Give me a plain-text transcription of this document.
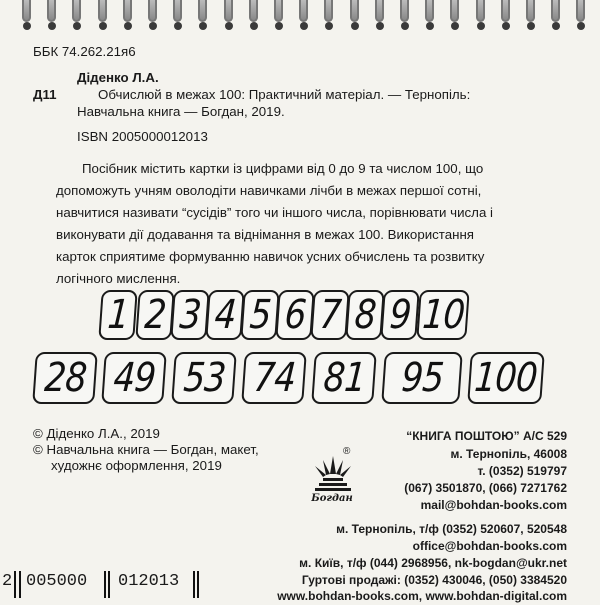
ББК 74.262.21я6
Д11
Діденко Л.А.
Обчислюй в межах 100: Практичний матеріал. — Тернопіль:
Навчальна книга — Богдан, 2019.
ISBN 2005000012013
Посібник містить картки із цифрами від 0 до 9 та числом 100, що
допоможуть учням оволодіти навичками лічби в межах першої сотні,
навчитися називати “сусідів” того чи іншого числа, порівнювати числа і
виконувати дії додавання та віднімання в межах 100. Використання
карток сприятиме формуванню навичок усних обчислень та розвитку
логічного мислення.
1 2 3 4 5 6 7 8 9 10
28 49 53 74 81 95 100
© Діденко Л.А., 2019
© Навчальна книга — Богдан, макет,
художнє оформлення, 2019
®
Богдан
“КНИГА ПОШТОЮ” А/С 529
м. Тернопіль, 46008
т. (0352) 519797
(067) 3501870, (066) 7271762
mail@bohdan-books.com
м. Тернопіль, т/ф (0352) 520607, 520548
office@bohdan-books.com
м. Київ, т/ф (044) 2968956, nk-bogdan@ukr.net
Гуртові продажі: (0352) 430046, (050) 3384520
www.bohdan-books.com, www.bohdan-digital.com
2 005000 012013
